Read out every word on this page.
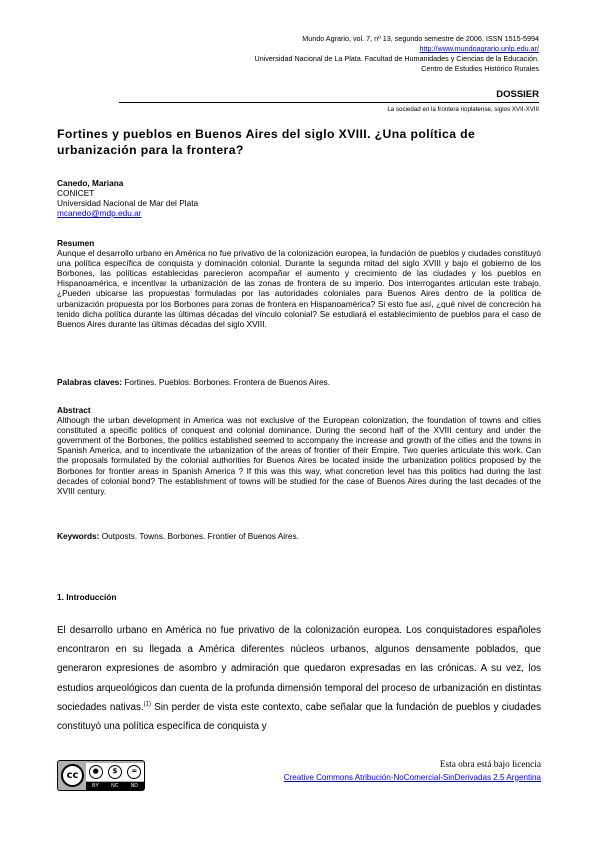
Mundo Agrario, vol. 7, nº 13, segundo semestre de 2006. ISSN 1515-5994
http://www.mundoagrario.unlp.edu.ar/
Universidad Nacional de La Plata. Facultad de Humanidades y Ciencias de la Educación.
Centro de Estudios Histórico Rurales
DOSSIER
La sociedad en la frontera rioplatense, siglos XVII-XVIII
Fortines y pueblos en Buenos Aires del siglo XVIII. ¿Una política de urbanización para la frontera?
Canedo, Mariana
CONICET
Universidad Nacional de Mar del Plata
mcanedo@mdp.edu.ar
Resumen
Aunque el desarrollo urbano en América no fue privativo de la colonización europea, la fundación de pueblos y ciudades constituyó una política específica de conquista y dominación colonial. Durante la segunda mitad del siglo XVIII y bajo el gobierno de los Borbones, las políticas establecidas parecieron acompañar el aumento y crecimiento de las ciudades y los pueblos en Hispanoamérica, e incentivar la urbanización de las zonas de frontera de su imperio. Dos interrogantes articulan este trabajo. ¿Pueden ubicarse las propuestas formuladas por las autoridades coloniales para Buenos Aires dentro de la política de urbanización propuesta por los Borbones para zonas de frontera en Hispanoamérica? Si esto fue así, ¿qué nivel de concreción ha tenido dicha política durante las últimas décadas del vínculo colonial? Se estudiará el establecimiento de pueblos para el caso de Buenos Aires durante las últimas décadas del siglo XVIII.
Palabras claves: Fortines. Pueblos. Borbones. Frontera de Buenos Aires.
Abstract
Although the urban development in America was not exclusive of the European colonization, the foundation of towns and cities constituted a specific politics of conquest and colonial dominance. During the second half of the XVIII century and under the government of the Borbones, the politics established seemed to accompany the increase and growth of the cities and the towns in Spanish America, and to incentivate the urbanization of the areas of frontier of their Empire. Two queries articulate this work. Can the proposals formulated by the colonial authorities for Buenos Aires be located inside the urbanization politics proposed by the Borbones for frontier areas in Spanish America ? If this was this way, what concretion level has this politics had during the last decades of colonial bond? The establishment of towns will be studied for the case of Buenos Aires during the last decades of the XVIII century.
Keywords: Outposts. Towns. Borbones. Frontier of Buenos Aires.
1. Introducción
El desarrollo urbano en América no fue privativo de la colonización europea. Los conquistadores españoles encontraron en su llegada a América diferentes núcleos urbanos, algunos densamente poblados, que generaron expresiones de asombro y admiración que quedaron expresadas en las crónicas. A su vez, los estudios arqueológicos dan cuenta de la profunda dimensión temporal del proceso de urbanización en distintas sociedades nativas.$^{(1)}$ Sin perder de vista este contexto, cabe señalar que la fundación de pueblos y ciudades constituyó una política específica de conquista y
cc	●	$	=
BY NC ND
Esta obra está bajo licencia
Creative Commons Atribución-NoComercial-SinDerivadas 2.5 Argentina
